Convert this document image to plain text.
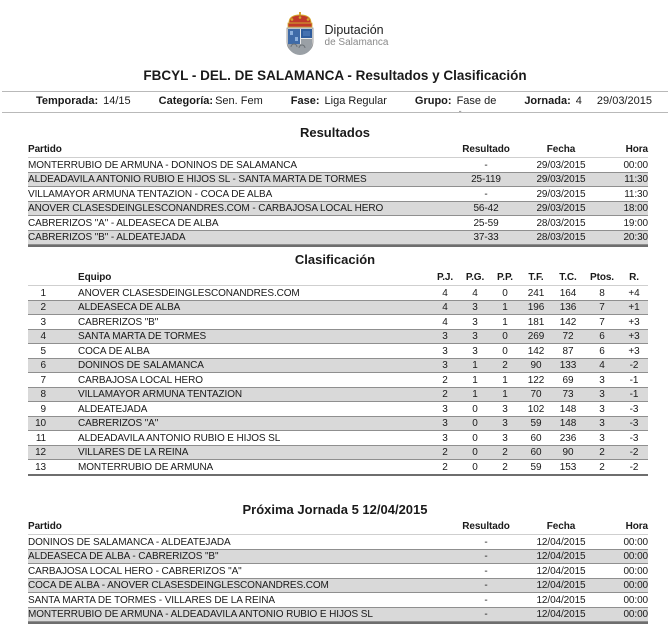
Diputación
de Salamanca
FBCYL - DEL. DE SALAMANCA - Resultados y Clasificación
Temporada: 14/15	Categoría: Sen. Fem	Fase: Liga Regular	Grupo: Fase de
-
Jornada: 4 29/03/2015
Resultados
Partido	Resultado	Fecha	Hora
MONTERRUBIO DE ARMUÑA - DOÑINOS DE SALAMANCA	-	29/03/2015	00:00
ALDEADAVILA ANTONIO RUBIO E HIJOS SL - SANTA MARTA DE TORMES	25-119	29/03/2015	11:30
VILLAMAYOR ARMUÑA TENTAZION - COCA DE ALBA	-	29/03/2015	11:30
AÑOVER CLASESDEINGLESCONANDRES.COM - CARBAJOSA LOCAL HERO	56-42	29/03/2015	18:00
CABRERIZOS "A" - ALDEASECA DE ALBA	25-59	28/03/2015	19:00
CABRERIZOS "B" - ALDEATEJADA	37-33	28/03/2015	20:30
Clasificación
Equipo	P.J.	P.G.	P.P.	T.F.	T.C.	Ptos.	R.
1	AÑOVER CLASESDEINGLESCONANDRES.COM	4	4	0	241	164	8	+4
2	ALDEASECA DE ALBA	4	3	1	196	136	7	+1
3	CABRERIZOS "B"	4	3	1	181	142	7	+3
4	SANTA MARTA DE TORMES	3	3	0	269	72	6	+3
5	COCA DE ALBA	3	3	0	142	87	6	+3
6	DOÑINOS DE SALAMANCA	3	1	2	90	133	4	-2
7	CARBAJOSA LOCAL HERO	2	1	1	122	69	3	-1
8	VILLAMAYOR ARMUÑA TENTAZION	2	1	1	70	73	3	-1
9	ALDEATEJADA	3	0	3	102	148	3	-3
10	CABRERIZOS "A"	3	0	3	59	148	3	-3
11	ALDEADAVILA ANTONIO RUBIO E HIJOS SL	3	0	3	60	236	3	-3
12	VILLARES DE LA REINA	2	0	2	60	90	2	-2
13	MONTERRUBIO DE ARMUÑA	2	0	2	59	153	2	-2
Próxima Jornada 5 12/04/2015
Partido	Resultado	Fecha	Hora
DOÑINOS DE SALAMANCA - ALDEATEJADA	-	12/04/2015	00:00
ALDEASECA DE ALBA - CABRERIZOS "B"	-	12/04/2015	00:00
CARBAJOSA LOCAL HERO - CABRERIZOS "A"	-	12/04/2015	00:00
COCA DE ALBA - AÑOVER CLASESDEINGLESCONANDRES.COM	-	12/04/2015	00:00
SANTA MARTA DE TORMES - VILLARES DE LA REINA	-	12/04/2015	00:00
MONTERRUBIO DE ARMUÑA - ALDEADAVILA ANTONIO RUBIO E HIJOS SL	-	12/04/2015	00:00
